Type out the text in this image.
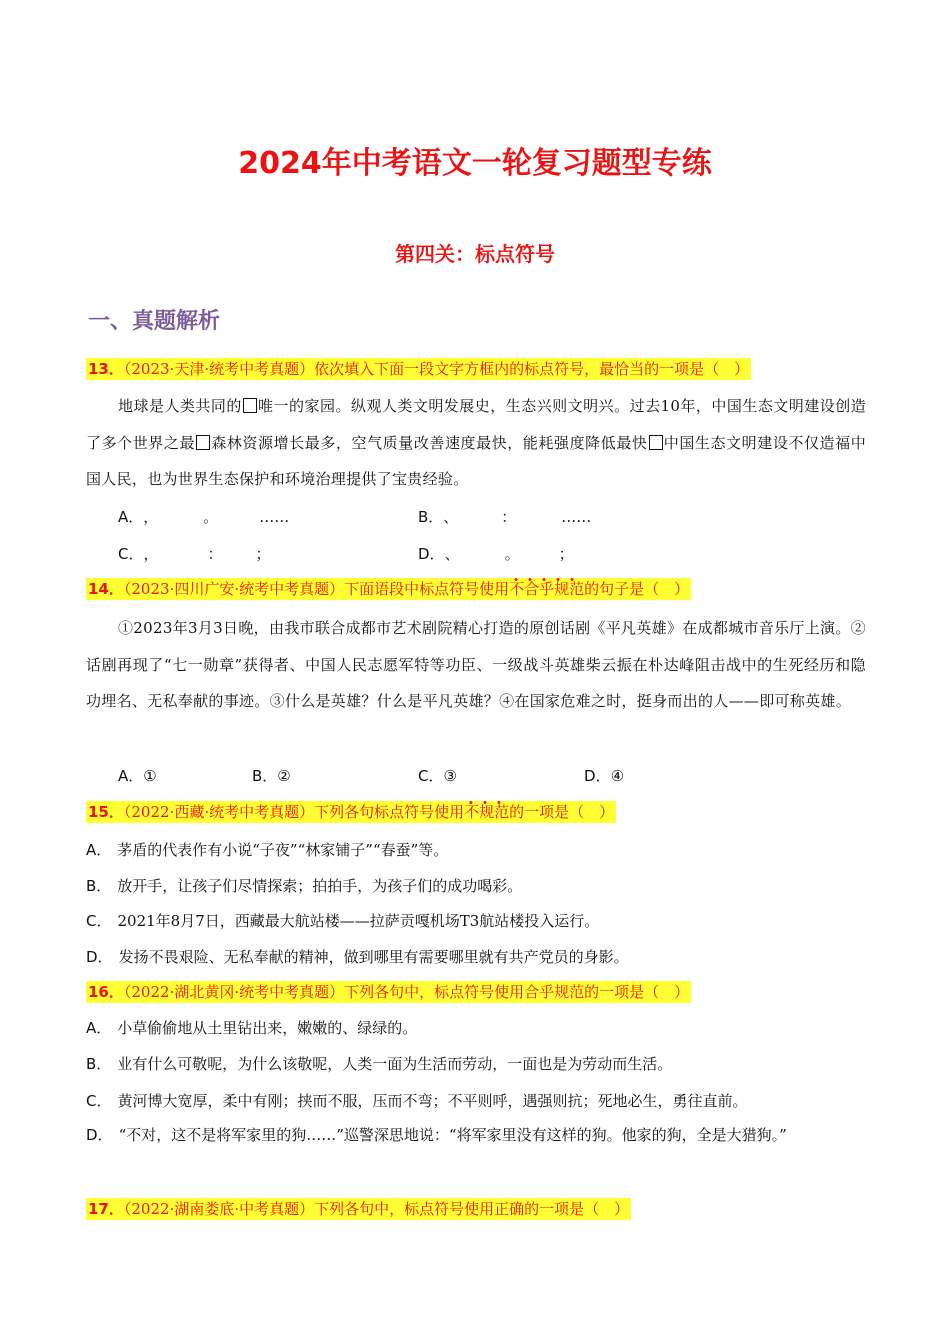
2024年中考语文一轮复习题型专练
第四关：标点符号
一、真题解析
13．（2023·天津·统考中考真题）依次填入下面一段文字方框内的标点符号，最恰当的一项是（　）
地球是人类共同的 唯一的家园。纵观人类文明发展史，生态兴则文明兴。过去10年，中国生态文明建设创造了多个世界之最 森林资源增长最多，空气质量改善速度最快，能耗强度降低最快 中国生态文明建设不仅造福中国人民，也为世界生态保护和环境治理提供了宝贵经验。
A．，	。	……	B．、	：	……
C．，	： ；	D．、	。	；
14．（2023·四川广安·统考中考真题）下面语段中标点符号使用不合乎规范的句子是（　）
①2023年3月3日晚，由我市联合成都市艺术剧院精心打造的原创话剧《平凡英雄》在成都城市音乐厅上演。②话剧再现了“七一勋章”获得者、中国人民志愿军特等功臣、一级战斗英雄柴云振在朴达峰阻击战中的生死经历和隐功埋名、无私奉献的事迹。③什么是英雄？什么是平凡英雄？④在国家危难之时，挺身而出的人——即可称英雄。
A．①	B．②	C．③	D．④
15．（2022·西藏·统考中考真题）下列各句标点符号使用不规范的一项是（　）
A． 茅盾的代表作有小说“子夜”“林家铺子”“春蚕”等。
B． 放开手，让孩子们尽情探索；拍拍手，为孩子们的成功喝彩。
C． 2021年8月7日，西藏最大航站楼——拉萨贡嘎机场T3航站楼投入运行。
D． 发扬不畏艰险、无私奉献的精神，做到哪里有需要哪里就有共产党员的身影。
16．（2022·湖北黄冈·统考中考真题）下列各句中，标点符号使用合乎规范的一项是（　）
A． 小草偷偷地从土里钻出来，嫩嫩的、绿绿的。
B． 业有什么可敬呢，为什么该敬呢，人类一面为生活而劳动，一面也是为劳动而生活。
C． 黄河博大宽厚，柔中有刚；挟而不服，压而不弯；不平则呼，遇强则抗；死地必生，勇往直前。
D． “不对，这不是将军家里的狗……”巡警深思地说：“将军家里没有这样的狗。他家的狗，全是大猎狗。”
17．（2022·湖南娄底·中考真题）下列各句中，标点符号使用正确的一项是（　）
